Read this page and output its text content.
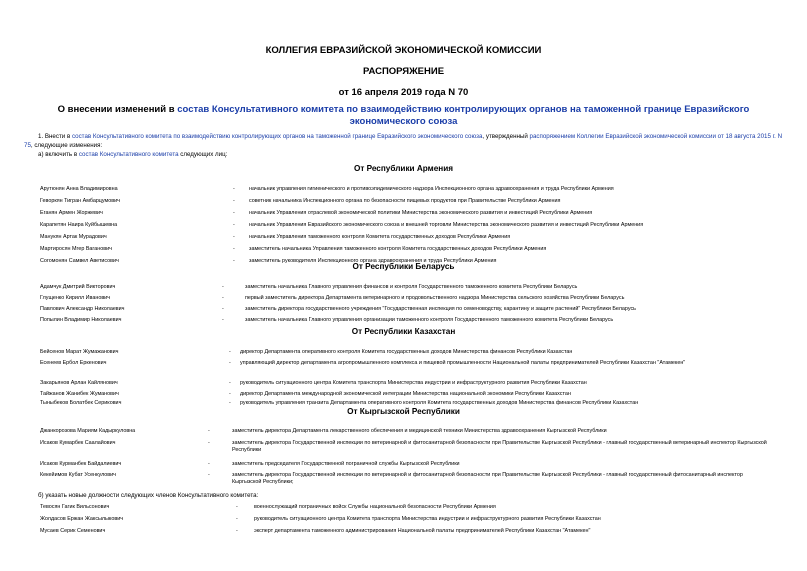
КОЛЛЕГИЯ ЕВРАЗИЙСКОЙ ЭКОНОМИЧЕСКОЙ КОМИССИИ
РАСПОРЯЖЕНИЕ
от 16 апреля 2019 года N 70
О внесении изменений в состав Консультативного комитета по взаимодействию контролирующих органов на таможенной границе Евразийского экономического союза
1. Внести в состав Консультативного комитета по взаимодействию контролирующих органов на таможенной границе Евразийского экономического союза, утвержденный распоряжением Коллегии Евразийской экономической комиссии от 18 августа 2015 г. N 75, следующие изменения:
а) включить в состав Консультативного комитета следующих лиц:
От Республики Армения
Арутюнян Анна Владимировна	-	начальник управления гигиенического и противоэпидемического надзора Инспекционного органа здравоохранения и труда Республики Армения
Геворкян Тигран Амбарцумович	-	советник начальника Инспекционного органа по безопасности пищевых продуктов при Правительстве Республики Армения
Еганян Армен Жоржевич	-	начальник Управления отраслевой экономической политики Министерства экономического развития и инвестиций Республики Армения
Карапетян Наира Куйбышевна	-	начальник Управления Евразийского экономического союза и внешней торговли Министерства экономического развития и инвестиций Республики Армения
Манукян Артак Мурадович	-	начальник Управления таможенного контроля Комитета государственных доходов Республики Армения
Мартиросян Мгер Ваганович	-	заместитель начальника Управления таможенного контроля Комитета государственных доходов Республики Армения
Согомонян Самвел Аветисович	-	заместитель руководителя Инспекционного органа здравоохранения и труда Республики Армения
От Республики Беларусь
Адамчук Дмитрий Викторович	-	заместитель начальника Главного управления финансов и контроля Государственного таможенного комитета Республики Беларусь
Глущенко Кирилл Иванович	-	первый заместитель директора Департамента ветеринарного и продовольственного надзора Министерства сельского хозяйства Республики Беларусь
Павлович Александр Николаевич	-	заместитель директора государственного учреждения "Государственная инспекция по семеноводству, карантину и защите растений" Республики Беларусь
Попылин Владимир Николаевич	-	заместитель начальника Главного управления организации таможенного контроля Государственного таможенного комитета Республики Беларусь
От Республики Казахстан
Бейсенов Марат Жумажанович	- директор Департамента оперативного контроля Комитета государственных доходов Министерства финансов Республики Казахстан
Есенеев Ербол Еркенович	- управляющий директор департамента агропромышленного комплекса и пищевой промышленности Национальной палаты предпринимателей Республики Казахстан "Атамекен"
Закарьянов Арлан Кайлянович	- руководитель ситуационного центра Комитета транспорта Министерства индустрии и инфраструктурного развития Республики Казахстан
Тайжанов Жанибек Жуманович	- директор Департамента международной экономической интеграции Министерства национальной экономики Республики Казахстан
Тыныбеков Болатбек Серикович	- руководитель управления транзита Департамента оперативного контроля Комитета государственных доходов Министерства финансов Республики Казахстан
От Кыргызской Республики
Джанкорозова Мариям Кадыркуловна	-	заместитель директора Департамента лекарственного обеспечения и медицинской техники Министерства здравоохранения Кыргызской Республики
Исаков Кумарбек Саалайович	-	заместитель директора Государственной инспекции по ветеринарной и фитосанитарной безопасности при Правительстве Кыргызской Республики - главный государственный ветеринарный инспектор Кыргызской Республики
Исаков Курманбек Байдалиевич	-	заместитель председателя Государственной пограничной службы Кыргызской Республики
Кекейимов Кубат Усенкулович	-	заместитель директора Государственной инспекции по ветеринарной и фитосанитарной безопасности при Правительстве Кыргызской Республики - главный государственный фитосанитарный инспектор Кыргызской Республики;
б) указать новые должности следующих членов Консультативного комитета:
Тевосян Гагик Вильсонович	-	военнослужащий пограничных войск Службы национальной безопасности Республики Армения
Жолдасов Ержан Жаксылыкович	-	руководитель ситуационного центра Комитета транспорта Министерства индустрии и инфраструктурного развития Республики Казахстан
Мусаев Серик Семенович	-	эксперт департамента таможенного администрирования Национальной палаты предпринимателей Республики Казахстан "Атамекен"
